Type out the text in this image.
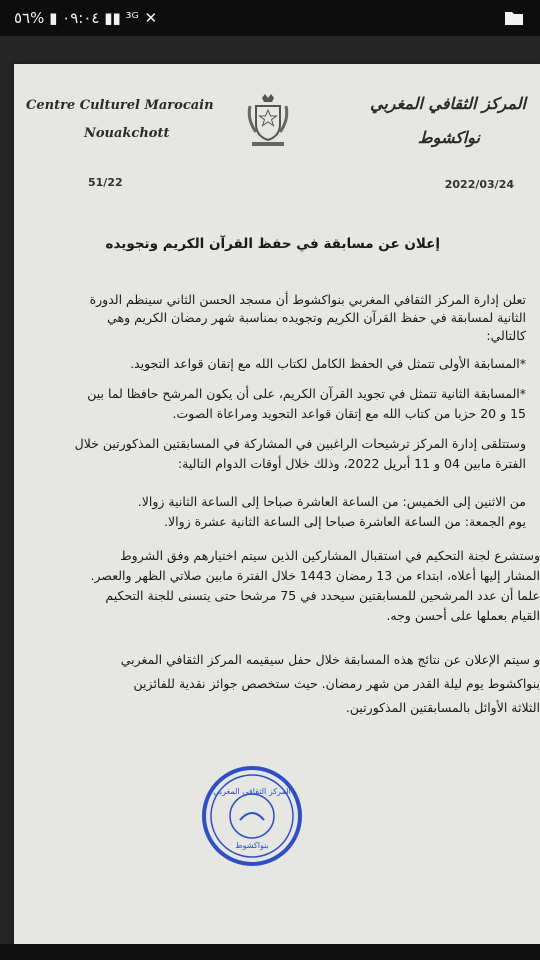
٠٩:٠٤ ▮ %٥٦ ▮▮ ³ᴳ ✕
Centre Culturel Marocain
Nouakchott
المركز الثقافي المغربي
نواكشوط
51/22	2022/03/24
إعلان عن مسابقة في حفظ القرآن الكريم وتجويده
تعلن إدارة المركز الثقافي المغربي بنواكشوط أن مسجد الحسن الثاني سينظم الدورة
الثانية لمسابقة في حفظ القرآن الكريم وتجويده بمناسبة شهر رمضان الكريم وهي
كالتالي:
*المسابقة الأولى تتمثل في الحفظ الكامل لكتاب الله مع إتقان قواعد التجويد.
*المسابقة الثانية تتمثل في تجويد القرآن الكريم، على أن يكون المرشح حافظا لما بين
15 و 20 حزبا من كتاب الله مع إتقان قواعد التجويد ومراعاة الصوت.
وستتلقى إدارة المركز ترشيحات الراغبين في المشاركة في المسابقتين المذكورتين خلال
الفترة مابين 04 و 11 أبريل 2022، وذلك خلال أوقات الدوام التالية:
من الاثنين إلى الخميس: من الساعة العاشرة صباحا إلى الساعة الثانية زوالا.
يوم الجمعة: من الساعة العاشرة صباحا إلى الساعة الثانية عشرة زوالا.
وستشرع لجنة التحكيم في استقبال المشاركين الذين سيتم اختيارهم وفق الشروط
المشار إليها أعلاه، ابتداء من 13 رمضان 1443 خلال الفترة مابين صلاتي الظهر والعصر.
علما أن عدد المرشحين للمسابقتين سيحدد في 75 مرشحا حتى يتسنى للجنة التحكيم
القيام بعملها على أحسن وجه.
و سيتم الإعلان عن نتائج هذه المسابقة خلال حفل سيقيمه المركز الثقافي المغربي
بنواكشوط يوم ليلة القدر من شهر رمضان. حيث ستخصص جوائز نقدية للفائزين
الثلاثة الأوائل بالمسابقتين المذكورتين.
المركز الثقافي المغربي
بنواكشوط
